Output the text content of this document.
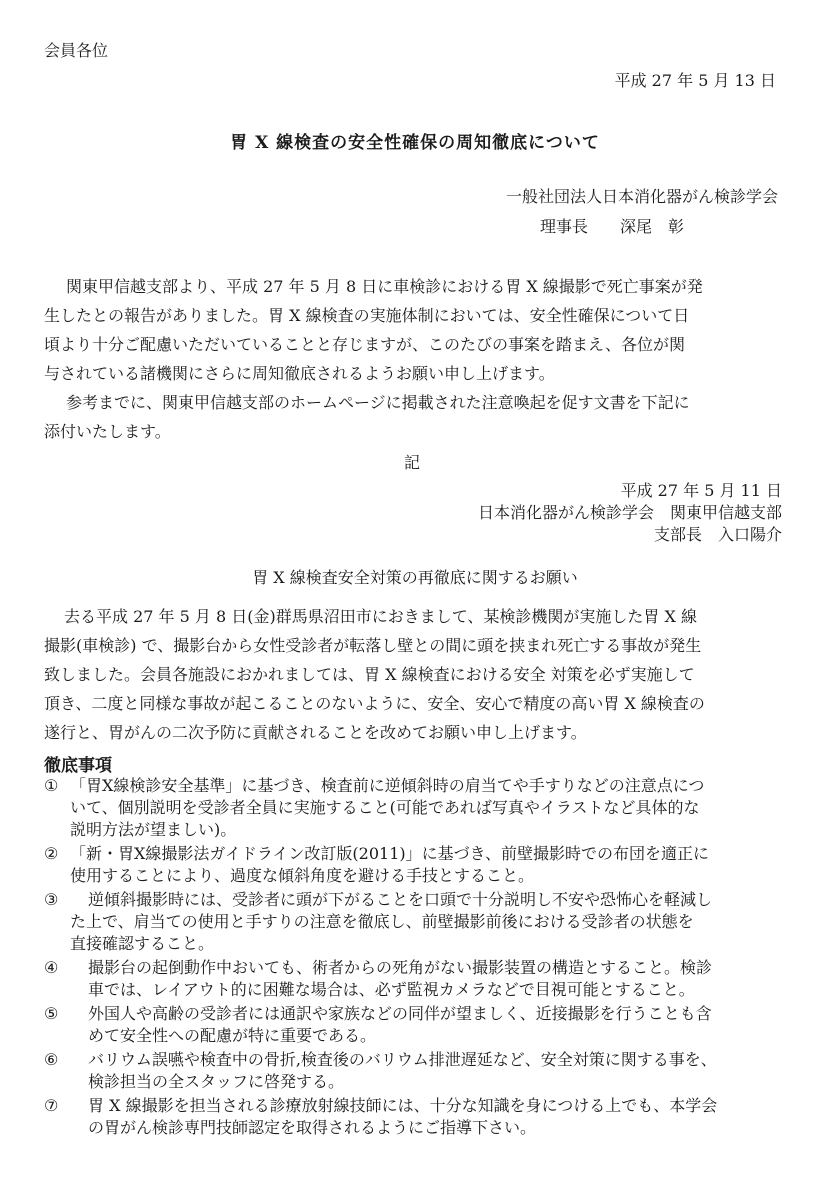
会員各位
平成 27 年 5 月 13 日
胃 X 線検査の安全性確保の周知徹底について
一般社団法人日本消化器がん検診学会
理事長　　深尾　彰
関東甲信越支部より、平成 27 年 5 月 8 日に車検診における胃 X 線撮影で死亡事案が発
生したとの報告がありました。胃 X 線検査の実施体制においては、安全性確保について日
頃より十分ご配慮いただいていることと存じますが、このたびの事案を踏まえ、各位が関
与されている諸機関にさらに周知徹底されるようお願い申し上げます。
参考までに、関東甲信越支部のホームページに掲載された注意喚起を促す文書を下記に
添付いたします。
記
平成 27 年 5 月 11 日
日本消化器がん検診学会　関東甲信越支部
支部長　入口陽介
胃 X 線検査安全対策の再徹底に関するお願い
去る平成 27 年 5 月 8 日(金)群馬県沼田市におきまして、某検診機関が実施した胃 X 線
撮影(車検診) で、撮影台から女性受診者が転落し壁との間に頭を挟まれ死亡する事故が発生
致しました。会員各施設におかれましては、胃 X 線検査における安全 対策を必ず実施して
頂き、二度と同様な事故が起こることのないように、安全、安心で精度の高い胃 X 線検査の
遂行と、胃がんの二次予防に貢献されることを改めてお願い申し上げます。
徹底事項
① 「胃X線検診安全基準」に基づき、検査前に逆傾斜時の肩当てや手すりなどの注意点につ
いて、個別説明を受診者全員に実施すること(可能であれば写真やイラストなど具体的な
説明方法が望ましい)。
② 「新・胃X線撮影法ガイドライン改訂版(2011)」に基づき、前壁撮影時での布団を適正に
使用することにより、過度な傾斜角度を避ける手技とすること。
③ 逆傾斜撮影時には、受診者に頭が下がることを口頭で十分説明し不安や恐怖心を軽減し
た上で、肩当ての使用と手すりの注意を徹底し、前壁撮影前後における受診者の状態を
直接確認すること。
④ 撮影台の起倒動作中おいても、術者からの死角がない撮影装置の構造とすること。検診
車では、レイアウト的に困難な場合は、必ず監視カメラなどで目視可能とすること。
⑤ 外国人や高齢の受診者には通訳や家族などの同伴が望ましく、近接撮影を行うことも含
めて安全性への配慮が特に重要である。
⑥ バリウム誤嚥や検査中の骨折,検査後のバリウム排泄遅延など、安全対策に関する事を、
検診担当の全スタッフに啓発する。
⑦ 胃 X 線撮影を担当される診療放射線技師には、十分な知識を身につける上でも、本学会
の胃がん検診専門技師認定を取得されるようにご指導下さい。
